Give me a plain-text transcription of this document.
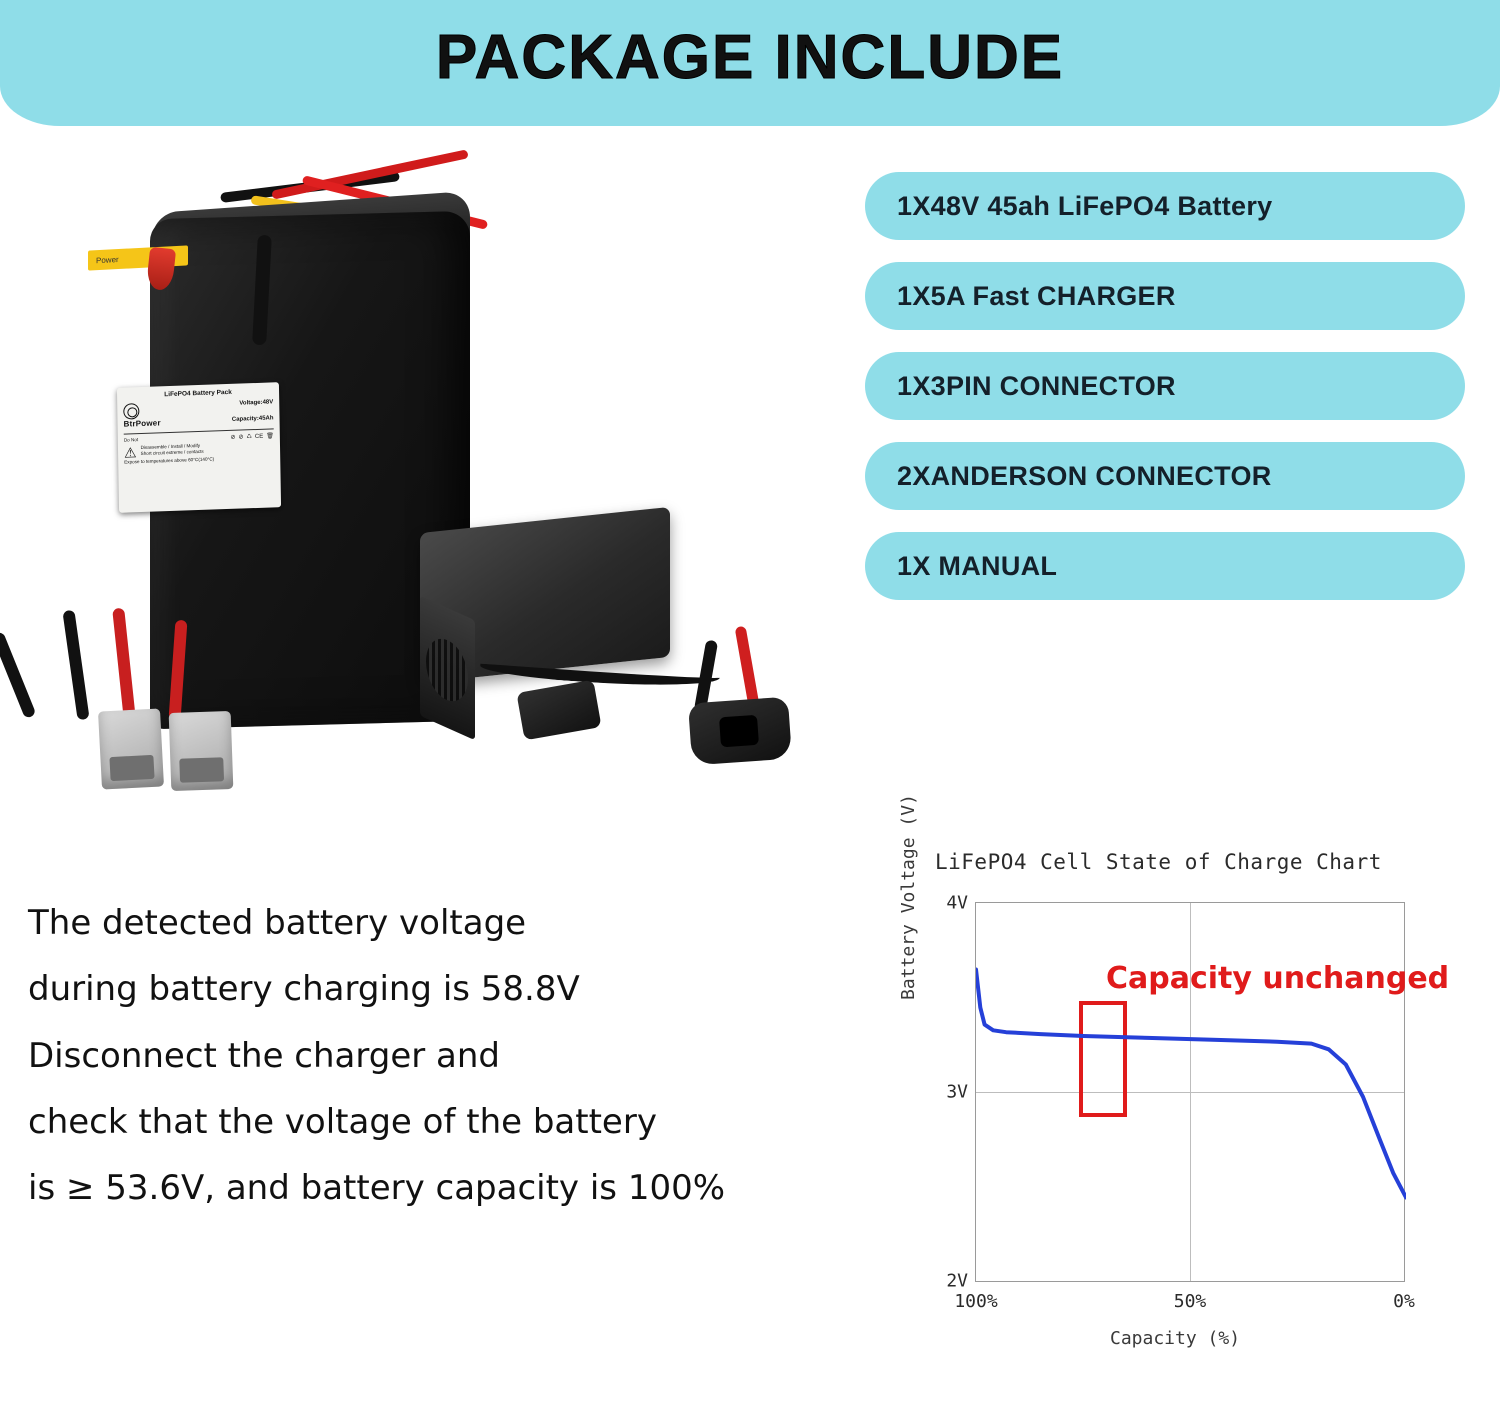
PACKAGE INCLUDE
Power
LiFePO4 Battery Pack
Voltage:48V
BtrPower	Capacity:45Ah
Do Not	⊘ ⊘ ♺ CE 🗑
⚠ Disassemble / Install / Modify
Short circuit extreme / contacts
Expose to temperatures above 60°C(140°C)
1X48V 45ah LiFePO4 Battery
1X5A Fast CHARGER
1X3PIN CONNECTOR
2XANDERSON CONNECTOR
1X MANUAL
The detected battery voltage
during battery charging is 58.8V
Disconnect the charger and
check that the voltage of the battery
is ≥ 53.6V, and battery capacity is 100%
LiFePO4 Cell State of Charge Chart
Battery Voltage (V)
Capacity (%)
4V
3V
2V
100%	50%	0%
Capacity unchanged
